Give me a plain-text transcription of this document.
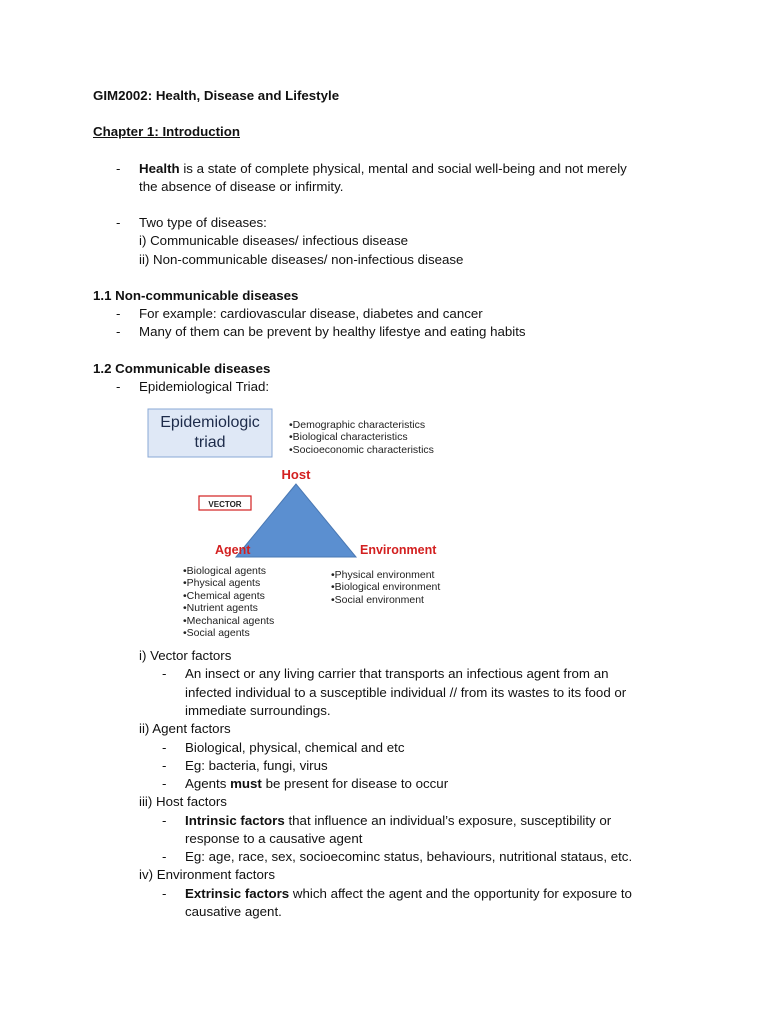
GIM2002: Health, Disease and Lifestyle
Chapter 1: Introduction
-	Health is a state of complete physical, mental and social well-being and not merely
the absence of disease or infirmity.
-	Two type of diseases:
i) Communicable diseases/ infectious disease
ii) Non-communicable diseases/ non-infectious disease
1.1 Non-communicable diseases
-	For example: cardiovascular disease, diabetes and cancer
-	Many of them can be prevent by healthy lifestye and eating habits
1.2 Communicable diseases
-	Epidemiological Triad:
Epidemiologic
triad
•Demographic characteristics
•Biological characteristics
•Socioeconomic characteristics
Host
VECTOR
Agent	Environment
•Biological agents
•Physical agents
•Chemical agents
•Nutrient agents
•Mechanical agents
•Social agents
•Physical environment
•Biological environment
•Social environment
i) Vector factors
-	An insect or any living carrier that transports an infectious agent from an
infected individual to a susceptible individual // from its wastes to its food or
immediate surroundings.
ii) Agent factors
-	Biological, physical, chemical and etc
-	Eg: bacteria, fungi, virus
-	Agents must be present for disease to occur
iii) Host factors
-	Intrinsic factors that influence an individual’s exposure, susceptibility or
response to a causative agent
-	Eg: age, race, sex, socioecominc status, behaviours, nutritional stataus, etc.
iv) Environment factors
-	Extrinsic factors which affect the agent and the opportunity for exposure to
causative agent.
